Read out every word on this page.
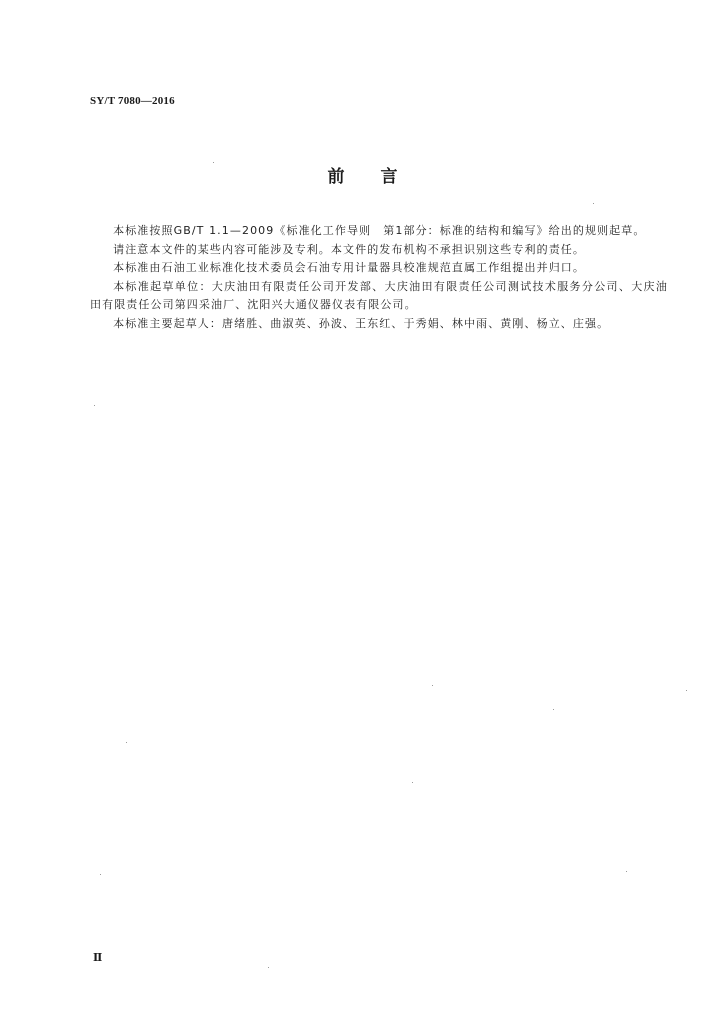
SY/T 7080—2016
前言

本标准按照GB/T 1.1—2009《标准化工作导则　第1部分：标准的结构和编写》给出的规则起草。

请注意本文件的某些内容可能涉及专利。本文件的发布机构不承担识别这些专利的责任。

本标准由石油工业标准化技术委员会石油专用计量器具校准规范直属工作组提出并归口。

本标准起草单位：大庆油田有限责任公司开发部、大庆油田有限责任公司测试技术服务分公司、大庆油田有限责任公司第四采油厂、沈阳兴大通仪器仪表有限公司。

本标准主要起草人：唐绪胜、曲淑英、孙波、王东红、于秀娟、林中雨、黄刚、杨立、庄强。

Ⅱ
